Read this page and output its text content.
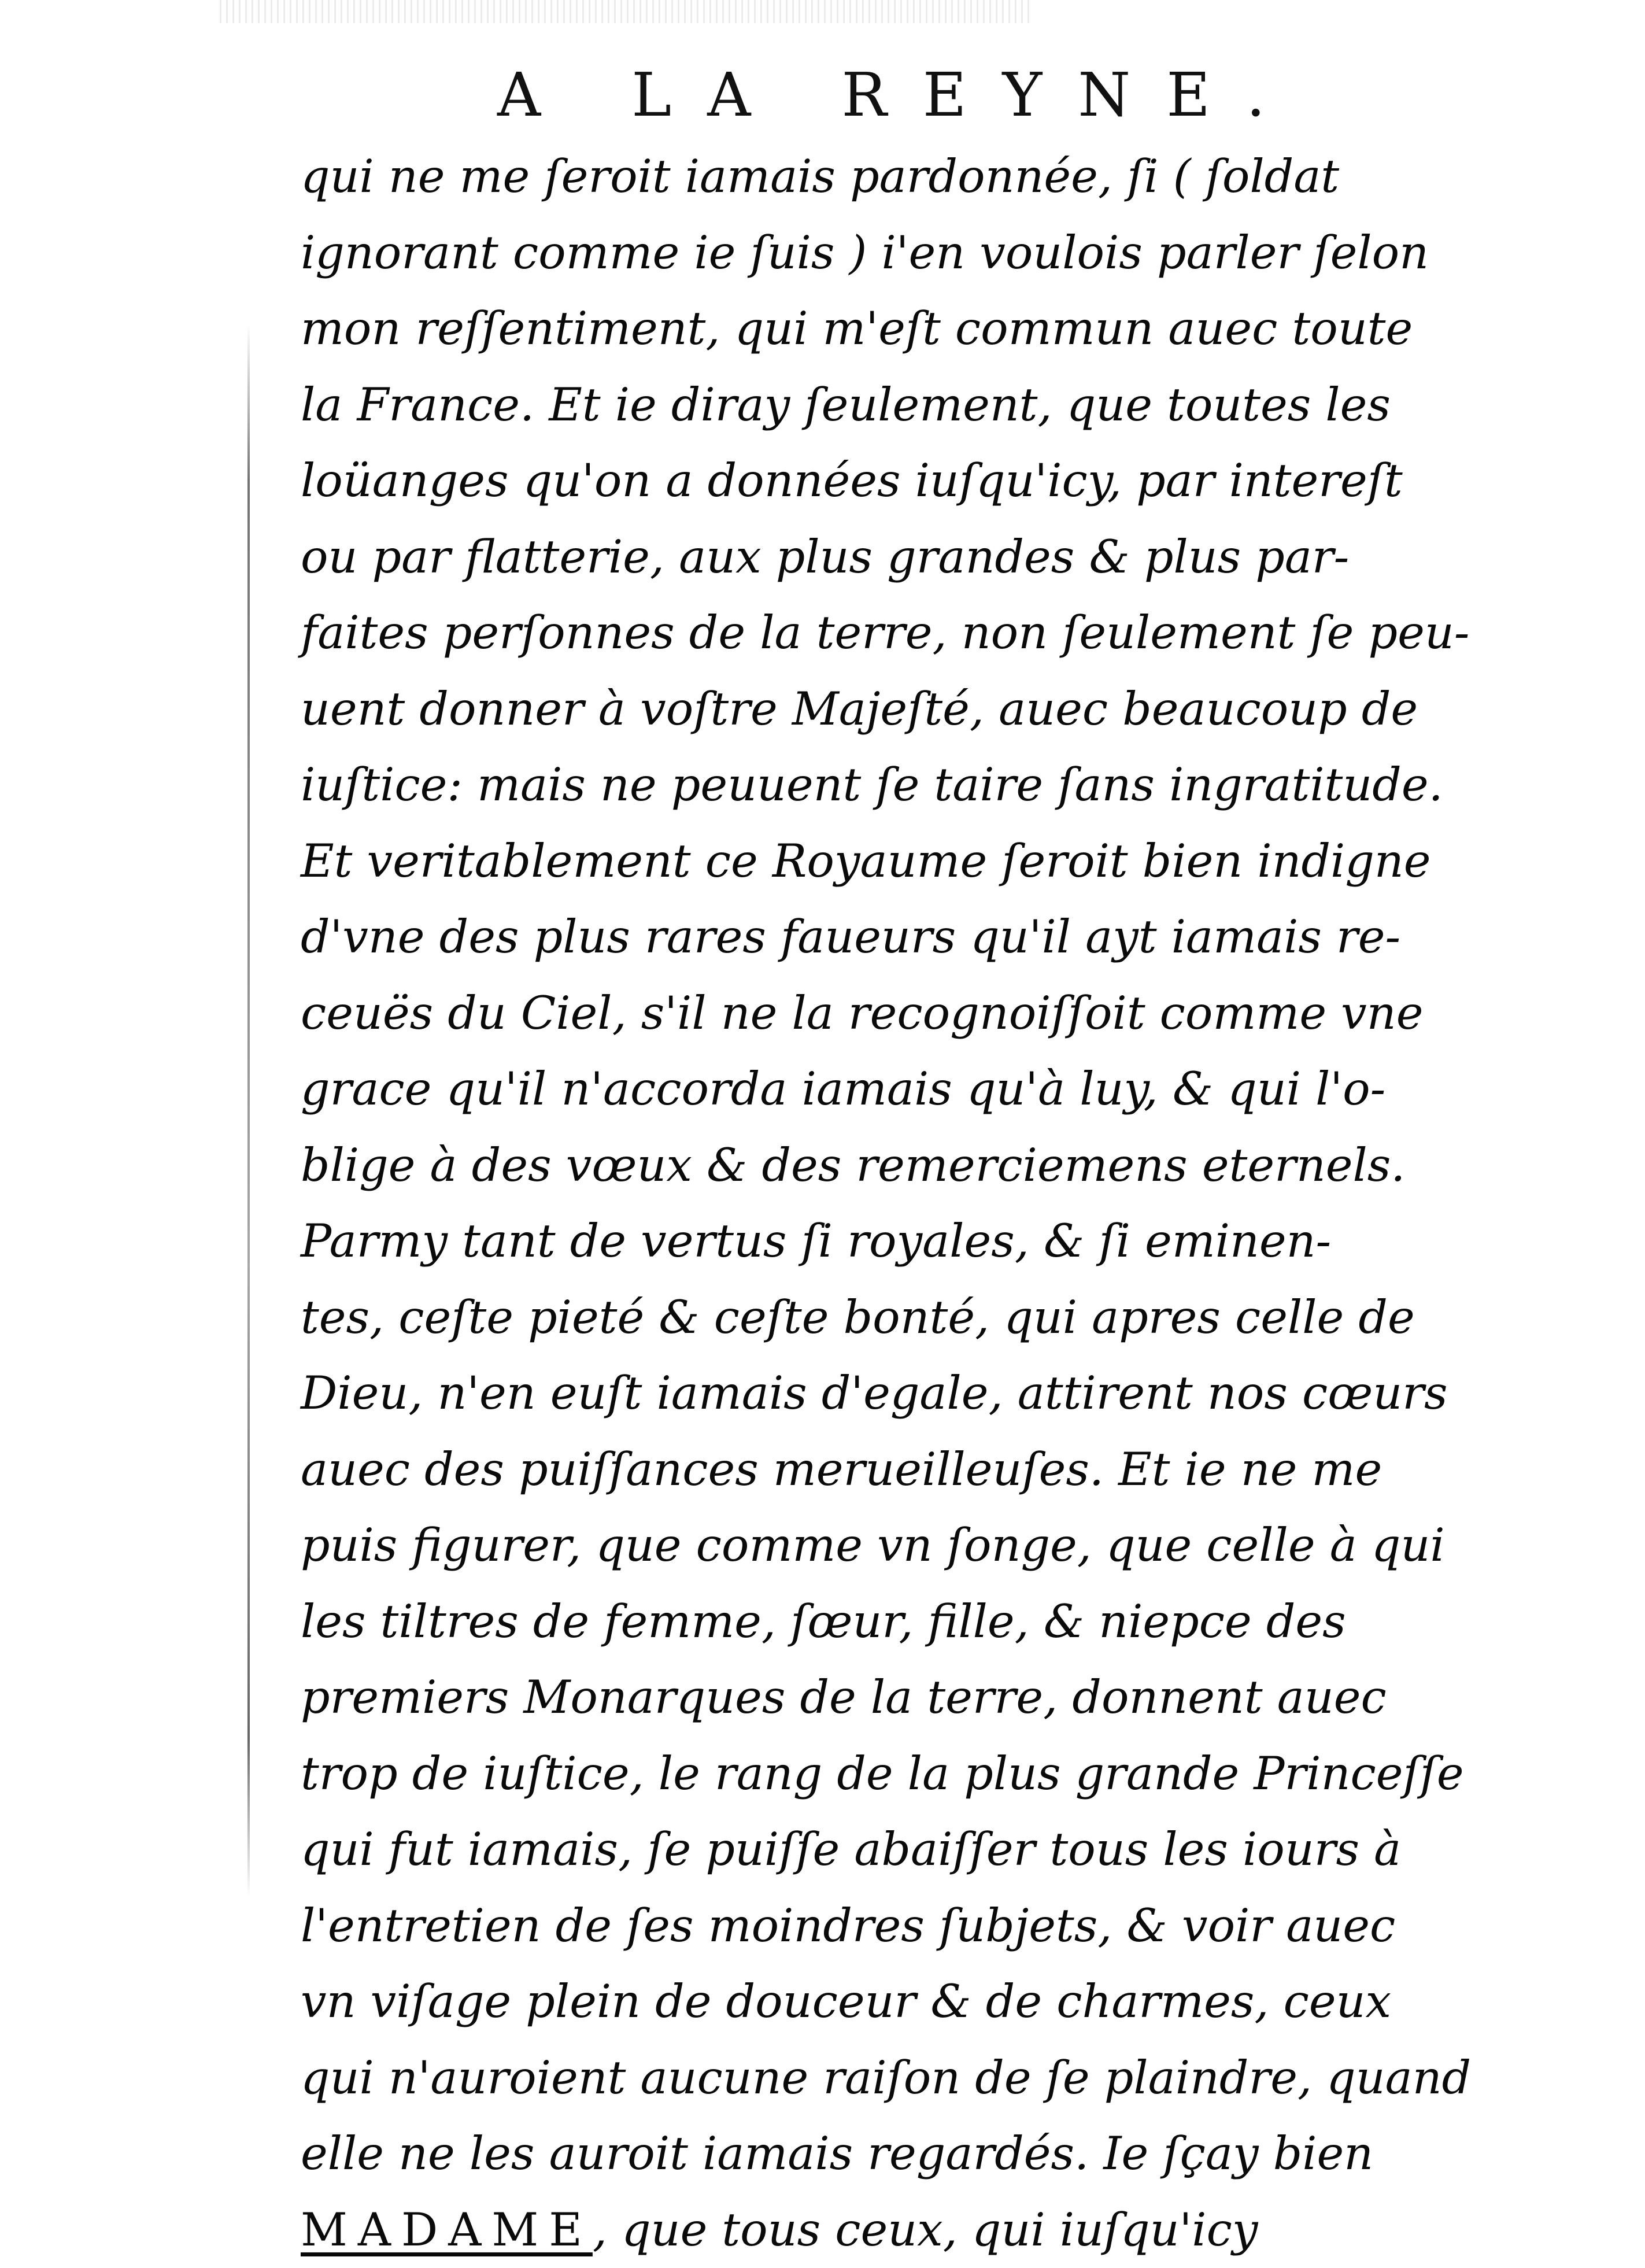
A LA REYNE.
qui ne me ſeroit iamais pardonnée, ſi ( ſoldat
ignorant comme ie ſuis ) i'en voulois parler ſelon
mon reſſentiment, qui m'eſt commun auec toute
la France. Et ie diray ſeulement, que toutes les
loüanges qu'on a données iuſqu'icy, par intereſt
ou par flatterie, aux plus grandes & plus par-
faites perſonnes de la terre, non ſeulement ſe peu-
uent donner à voſtre Majeſté, auec beaucoup de
iuſtice: mais ne peuuent ſe taire ſans ingratitude.
Et veritablement ce Royaume ſeroit bien indigne
d'vne des plus rares faueurs qu'il ayt iamais re-
ceuës du Ciel, s'il ne la recognoiſſoit comme vne
grace qu'il n'accorda iamais qu'à luy, & qui l'o-
blige à des vœux & des remerciemens eternels.
Parmy tant de vertus ſi royales, & ſi eminen-
tes, ceſte pieté & ceſte bonté, qui apres celle de
Dieu, n'en euſt iamais d'egale, attirent nos cœurs
auec des puiſſances merueilleuſes. Et ie ne me
puis figurer, que comme vn ſonge, que celle à qui
les tiltres de femme, ſœur, fille, & niepce des
premiers Monarques de la terre, donnent auec
trop de iuſtice, le rang de la plus grande Princeſſe
qui fut iamais, ſe puiſſe abaiſſer tous les iours à
l'entretien de ſes moindres ſubjets, & voir auec
vn viſage plein de douceur & de charmes, ceux
qui n'auroient aucune raiſon de ſe plaindre, quand
elle ne les auroit iamais regardés. Ie ſçay bien
MADAME, que tous ceux, qui iuſqu'icy
